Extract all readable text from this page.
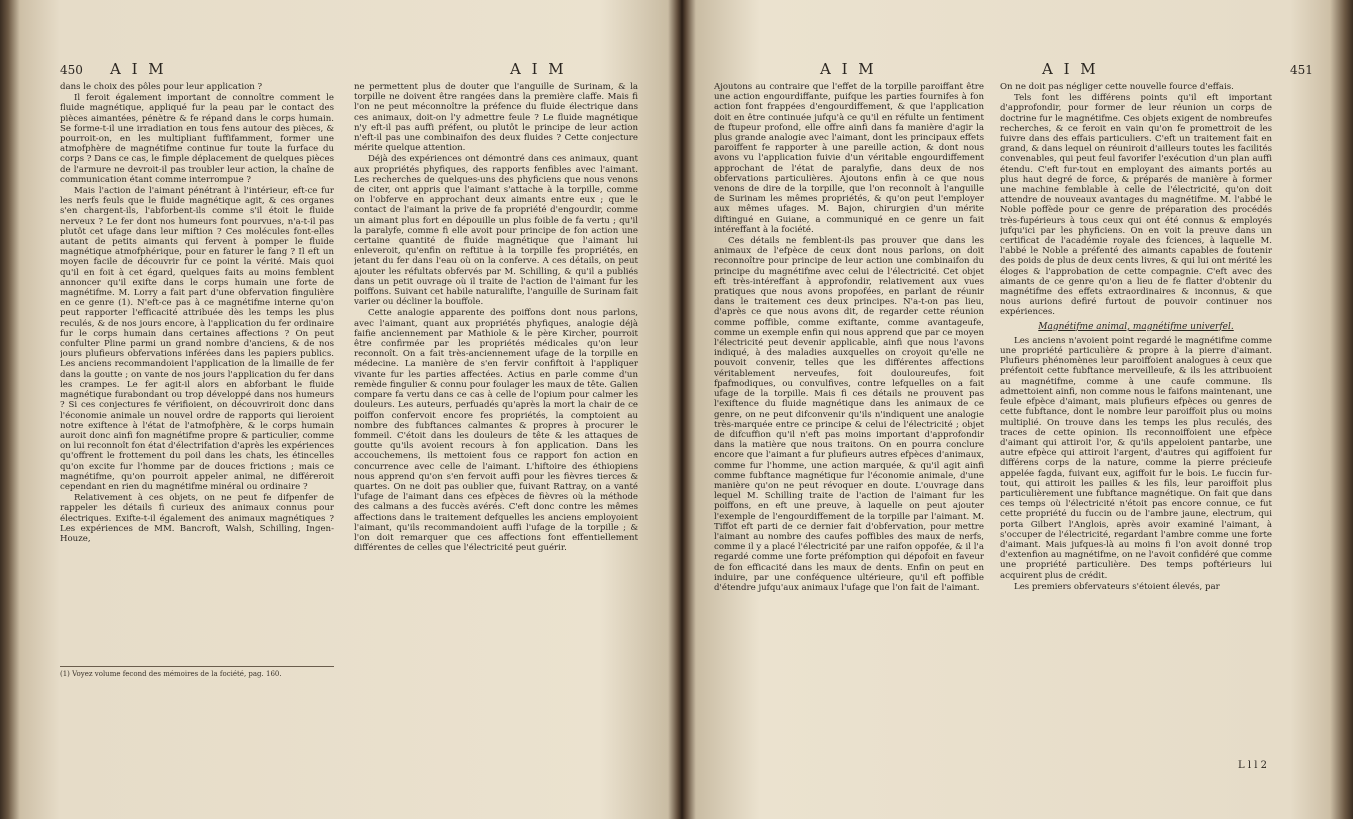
450 A I M	A I M

dans le choix des pôles pour leur application ?

Il feroit également important de connoître comment le fluide magnétique, appliqué fur la peau par le contact des pièces aimantées, pénètre & fe répand dans le corps humain. Se forme-t-il une irradiation en tous fens autour des pièces, & pourroit-on, en les multipliant fuffifamment, former une atmofphère de magnétifme continue fur toute la furface du corps ? Dans ce cas, le fimple déplacement de quelques pièces de l'armure ne devroit-il pas troubler leur action, la chaîne de communication étant comme interrompue ?

Mais l'action de l'aimant pénétrant à l'intérieur, eft-ce fur les nerfs feuls que le fluide magnétique agit, & ces organes s'en chargent-ils, l'abforbent-ils comme s'il étoit le fluide nerveux ? Le fer dont nos humeurs font pourvues, n'a-t-il pas plutôt cet ufage dans leur miftion ? Ces molécules font-elles autant de petits aimants qui fervent à pomper le fluide magnétique atmofphérique, pour en faturer le fang ? Il eft un moyen facile de découvrir fur ce point la vérité. Mais quoi qu'il en foit à cet égard, quelques faits au moins femblent annoncer qu'il exifte dans le corps humain une forte de magnétifme. M. Lorry a fait part d'une obfervation fingulière en ce genre (1). N'eft-ce pas à ce magnétifme interne qu'on peut rapporter l'efficacité attribuée dès les temps les plus reculés, & de nos jours encore, à l'application du fer ordinaire fur le corps humain dans certaines affections ? On peut confulter Pline parmi un grand nombre d'anciens, & de nos jours plufieurs obfervations inférées dans les papiers publics. Les anciens recommandoient l'application de la limaille de fer dans la goutte ; on vante de nos jours l'application du fer dans les crampes. Le fer agit-il alors en abforbant le fluide magnétique furabondant ou trop développé dans nos humeurs ? Si ces conjectures fe vérifioient, on découvriroit donc dans l'économie animale un nouvel ordre de rapports qui lieroient notre exiftence à l'état de l'atmofphère, & le corps humain auroit donc ainfi fon magnétifme propre & particulier, comme on lui reconnoît fon état d'électrifation d'après les expériences qu'offrent le frottement du poil dans les chats, les étincelles qu'on excite fur l'homme par de douces frictions ; mais ce magnétifme, qu'on pourroit appeler animal, ne différeroit cependant en rien du magnétifme minéral ou ordinaire ?

Relativement à ces objets, on ne peut fe difpenfer de rappeler les détails fi curieux des animaux connus pour électriques. Exifte-t-il également des animaux magnétiques ? Les expériences de MM. Bancroft, Walsh, Schilling, Ingen-Houze,

(1) Voyez volume fecond des mémoires de la fociété, pag. 160.

ne permettent plus de douter que l'anguille de Surinam, & la torpille ne doivent être rangées dans la première claffe. Mais fi l'on ne peut méconnoître la préfence du fluide électrique dans ces animaux, doit-on l'y admettre feule ? Le fluide magnétique n'y eft-il pas auffi préfent, ou plutôt le principe de leur action n'eft-il pas une combinaifon des deux fluides ? Cette conjecture mérite quelque attention.

Déjà des expériences ont démontré dans ces animaux, quant aux propriétés phyfiques, des rapports fenfibles avec l'aimant. Les recherches de quelques-uns des phyficiens que nous venons de citer, ont appris que l'aimant s'attache à la torpille, comme on l'obferve en approchant deux aimants entre eux ; que le contact de l'aimant la prive de fa propriété d'engourdir, comme un aimant plus fort en dépouille un plus foible de fa vertu ; qu'il la paralyfe, comme fi elle avoit pour principe de fon action une certaine quantité de fluide magnétique que l'aimant lui enleveroit, qu'enfin on reftitue à la torpille fes propriétés, en jetant du fer dans l'eau où on la conferve. A ces détails, on peut ajouter les réfultats obfervés par M. Schilling, & qu'il a publiés dans un petit ouvrage où il traite de l'action de l'aimant fur les poiffons. Suivant cet habile naturalifte, l'anguille de Surinam fait varier ou décliner la bouffole.

Cette analogie apparente des poiffons dont nous parlons, avec l'aimant, quant aux propriétés phyfiques, analogie déjà faifie anciennement par Mathiole & le père Kircher, pourroit être confirmée par les propriétés médicales qu'on leur reconnoît. On a fait très-anciennement ufage de la torpille en médecine. La manière de s'en fervir confiftoit à l'appliquer vivante fur les parties affectées. Actius en parle comme d'un remède fingulier & connu pour foulager les maux de tête. Galien compare fa vertu dans ce cas à celle de l'opium pour calmer les douleurs. Les auteurs, perfuadés qu'après la mort la chair de ce poiffon confervoit encore fes propriétés, la comptoient au nombre des fubftances calmantes & propres à procurer le fommeil. C'étoit dans les douleurs de tête & les attaques de goutte qu'ils avoient recours à fon application. Dans les accouchemens, ils mettoient fous ce rapport fon action en concurrence avec celle de l'aimant. L'hiftoire des éthiopiens nous apprend qu'on s'en fervoit auffi pour les fièvres tierces & quartes. On ne doit pas oublier que, fuivant Rattray, on a vanté l'ufage de l'aimant dans ces efpèces de fièvres où la méthode des calmans a des fuccès avérés. C'eft donc contre les mêmes affections dans le traitement defquelles les anciens employoient l'aimant, qu'ils recommandoient auffi l'ufage de la torpille ; & l'on doit remarquer que ces affections font effentiellement différentes de celles que l'électricité peut guérir.

A I M	A I M	451

Ajoutons au contraire que l'effet de la torpille paroiffant être une action engourdiffante, puifque les parties fournifes à fon action font frappées d'engourdiffement, & que l'application doit en être continuée jufqu'à ce qu'il en réfulte un fentiment de ftupeur profond, elle offre ainfi dans fa manière d'agir la plus grande analogie avec l'aimant, dont les principaux effets paroiffent fe rapporter à une pareille action, & dont nous avons vu l'application fuivie d'un véritable engourdiffement approchant de l'état de paralyfie, dans deux de nos obfervations particulières. Ajoutons enfin à ce que nous venons de dire de la torpille, que l'on reconnoît à l'anguille de Surinam les mêmes propriétés, & qu'on peut l'employer aux mêmes ufages. M. Bajon, chirurgien d'un mérite diftingué en Guiane, a communiqué en ce genre un fait intéreffant à la fociété.

Ces détails ne femblent-ils pas prouver que dans les animaux de l'efpèce de ceux dont nous parlons, on doit reconnoître pour principe de leur action une combinaifon du principe du magnétifme avec celui de l'électricité. Cet objet eft très-intéreffant à approfondir, relativement aux vues pratiques que nous avons propofées, en parlant de réunir dans le traitement ces deux principes. N'a-t-on pas lieu, d'après ce que nous avons dit, de regarder cette réunion comme poffible, comme exiftante, comme avantageufe, comme un exemple enfin qui nous apprend que par ce moyen l'électricité peut devenir applicable, ainfi que nous l'avons indiqué, à des maladies auxquelles on croyoit qu'elle ne pouvoit convenir, telles que les différentes affections véritablement nerveufes, foit douloureufes, foit fpafmodiques, ou convulfives, contre lefquelles on a fait ufage de la torpille. Mais fi ces détails ne prouvent pas l'exiftence du fluide magnétique dans les animaux de ce genre, on ne peut difconvenir qu'ils n'indiquent une analogie très-marquée entre ce principe & celui de l'électricité ; objet de difcuffion qu'il n'eft pas moins important d'approfondir dans la matière que nous traitons. On en pourra conclure encore que l'aimant a fur plufieurs autres efpèces d'animaux, comme fur l'homme, une action marquée, & qu'il agit ainfi comme fubftance magnétique fur l'économie animale, d'une manière qu'on ne peut révoquer en doute. L'ouvrage dans lequel M. Schilling traite de l'action de l'aimant fur les poiffons, en eft une preuve, à laquelle on peut ajouter l'exemple de l'engourdiffement de la torpille par l'aimant. M. Tiffot eft parti de ce dernier fait d'obfervation, pour mettre l'aimant au nombre des caufes poffibles des maux de nerfs, comme il y a placé l'électricité par une raifon oppofée, & il l'a regardé comme une forte préfomption qui dépofoit en faveur de fon efficacité dans les maux de dents. Enfin on peut en induire, par une conféquence ultérieure, qu'il eft poffible d'étendre jufqu'aux animaux l'ufage que l'on fait de l'aimant.

On ne doit pas négliger cette nouvelle fource d'effais.

Tels font les différens points qu'il eft important d'approfondir, pour former de leur réunion un corps de doctrine fur le magnétifme. Ces objets exigent de nombreufes recherches, & ce feroit en vain qu'on fe promettroit de les fuivre dans des effais particuliers. C'eft un traitement fait en grand, & dans lequel on réuniroit d'ailleurs toutes les facilités convenables, qui peut feul favorifer l'exécution d'un plan auffi étendu. C'eft fur-tout en employant des aimants portés au plus haut degré de force, & préparés de manière à former une machine femblable à celle de l'électricité, qu'on doit attendre de nouveaux avantages du magnétifme. M. l'abbé le Noble poffède pour ce genre de préparation des procédés très-fupérieurs à tous ceux qui ont été connus & employés jufqu'ici par les phyficiens. On en voit la preuve dans un certificat de l'académie royale des fciences, à laquelle M. l'abbé le Noble a préfenté des aimants capables de foutenir des poids de plus de deux cents livres, & qui lui ont mérité les éloges & l'approbation de cette compagnie. C'eft avec des aimants de ce genre qu'on a lieu de fe flatter d'obtenir du magnétifme des effets extraordinaires & inconnus, & que nous aurions defiré furtout de pouvoir continuer nos expériences.

Magnétifme animal, magnétifme univerfel.

Les anciens n'avoient point regardé le magnétifme comme une propriété particulière & propre à la pierre d'aimant. Plufieurs phénomènes leur paroiffoient analogues à ceux que préfentoit cette fubftance merveilleufe, & ils les attribuoient au magnétifme, comme à une caufe commune. Ils admettoient ainfi, non comme nous le faifons maintenant, une feule efpèce d'aimant, mais plufieurs efpèces ou genres de cette fubftance, dont le nombre leur paroiffoit plus ou moins multiplié. On trouve dans les temps les plus reculés, des traces de cette opinion. Ils reconnoiffoient une efpèce d'aimant qui attiroit l'or, & qu'ils appeloient pantarbe, une autre efpèce qui attiroit l'argent, d'autres qui agiffoient fur différens corps de la nature, comme la pierre précieufe appelée fagda, fuivant eux, agiffoit fur le bois. Le fuccin fur-tout, qui attiroit les pailles & les fils, leur paroiffoit plus particulièrement une fubftance magnétique. On fait que dans ces temps où l'électricité n'étoit pas encore connue, ce fut cette propriété du fuccin ou de l'ambre jaune, electrum, qui porta Gilbert l'Anglois, après avoir examiné l'aimant, à s'occuper de l'électricité, regardant l'ambre comme une forte d'aimant. Mais jufques-là au moins fi l'on avoit donné trop d'extenfion au magnétifme, on ne l'avoit confidéré que comme une propriété particulière. Des temps poftérieurs lui acquirent plus de crédit.

Les premiers obfervateurs s'étoient élevés, par

L l l 2
